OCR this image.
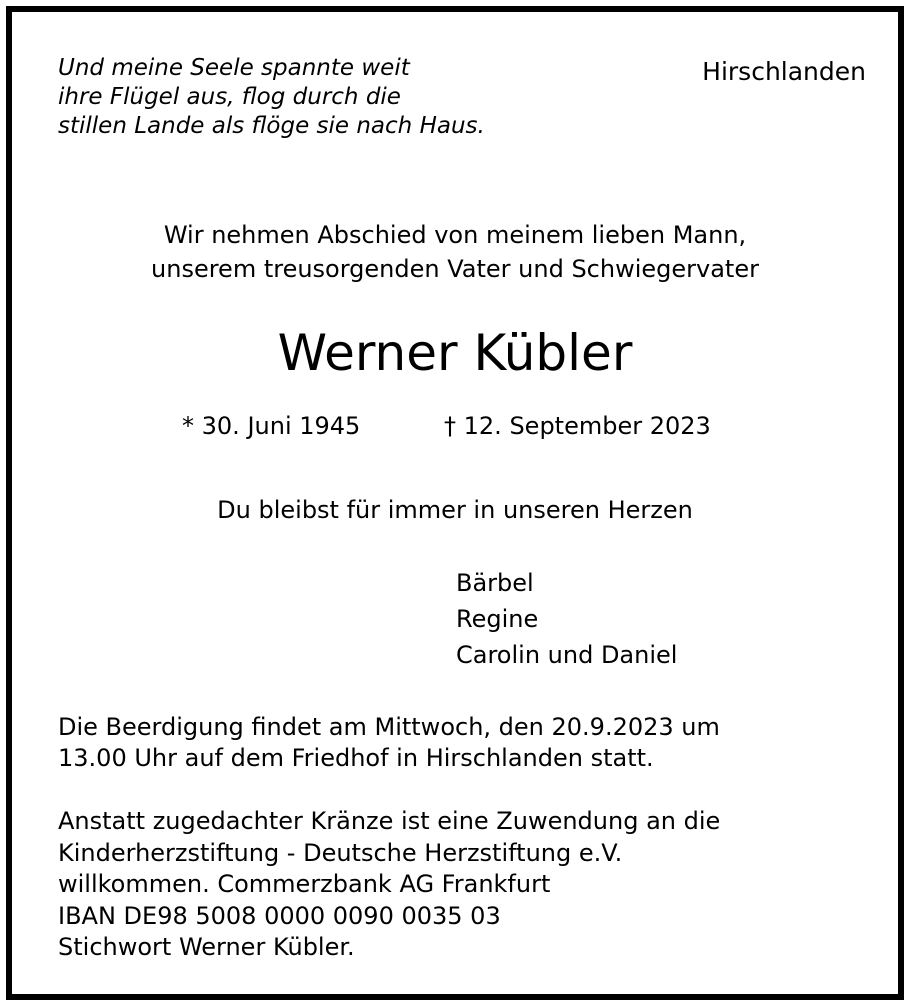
Und meine Seele spannte weit
ihre Flügel aus, flog durch die
stillen Lande als flöge sie nach Haus.
Hirschlanden
Wir nehmen Abschied von meinem lieben Mann,
unserem treusorgenden Vater und Schwiegervater
Werner Kübler
* 30. Juni 1945	† 12. September 2023
Du bleibst für immer in unseren Herzen
Bärbel
Regine
Carolin und Daniel
Die Beerdigung findet am Mittwoch, den 20.9.2023 um
13.00 Uhr auf dem Friedhof in Hirschlanden statt.
Anstatt zugedachter Kränze ist eine Zuwendung an die
Kinderherzstiftung - Deutsche Herzstiftung e.V.
willkommen. Commerzbank AG Frankfurt
IBAN DE98 5008 0000 0090 0035 03
Stichwort Werner Kübler.
